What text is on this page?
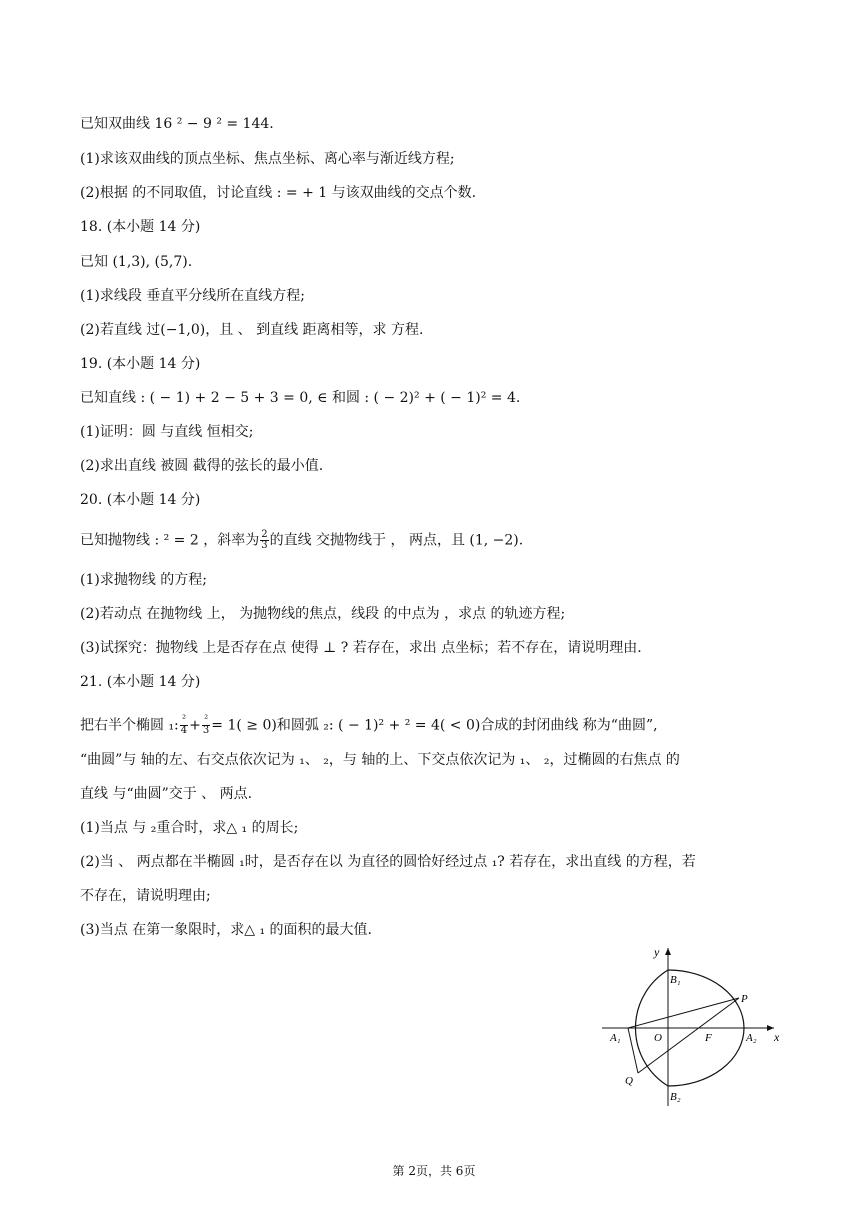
已知双曲线 16 ² − 9 ² = 144.
(1)求该双曲线的顶点坐标、焦点坐标、离心率与渐近线方程;
(2)根据 的不同取值，讨论直线 : = + 1 与该双曲线的交点个数.
18. (本小题 14 分)
已知 (1,3), (5,7).
(1)求线段 垂直平分线所在直线方程;
(2)若直线 过(−1,0)，且 、 到直线 距离相等，求 方程.
19. (本小题 14 分)
已知直线 : ( − 1) + 2 − 5 + 3 = 0, ∈ 和圆 : ( − 2)² + ( − 1)² = 4.
(1)证明：圆 与直线 恒相交;
(2)求出直线 被圆 截得的弦长的最小值.
20. (本小题 14 分)
(1)求抛物线 的方程;
(2)若动点 在抛物线 上， 为抛物线的焦点，线段 的中点为 ，求点 的轨迹方程;
(3)试探究：抛物线 上是否存在点 使得 ⊥ ? 若存在，求出 点坐标；若不存在，请说明理由.
21. (本小题 14 分)
“曲圆”与 轴的左、右交点依次记为 ₁、 ₂，与 轴的上、下交点依次记为 ₁、 ₂，过椭圆的右焦点 的
直线 与“曲圆”交于 、 两点.
(1)当点 与 ₂重合时，求△ ₁ 的周长;
(2)当 、 两点都在半椭圆 ₁时，是否存在以 为直径的圆恰好经过点 ₁? 若存在，求出直线 的方程，若
不存在，请说明理由;
(3)当点 在第一象限时，求△ ₁ 的面积的最大值.
已知抛物线 : ² = 2 ，斜率为 $\frac{2}{3}$ 的直线 交抛物线于 ， 两点，且 (1, −2).
把右半个椭圆 ₁: $\frac{\text{²}}{4} + \frac{\text{²}}{3} = 1( \ge 0)$和圆弧 ₂: ( − 1)² + ² = 4( < 0)合成的封闭曲线 称为“曲圆”,
y
x
B₁
B₂
A₁	A₂
O	F
P
Q
第 2页，共 6页
